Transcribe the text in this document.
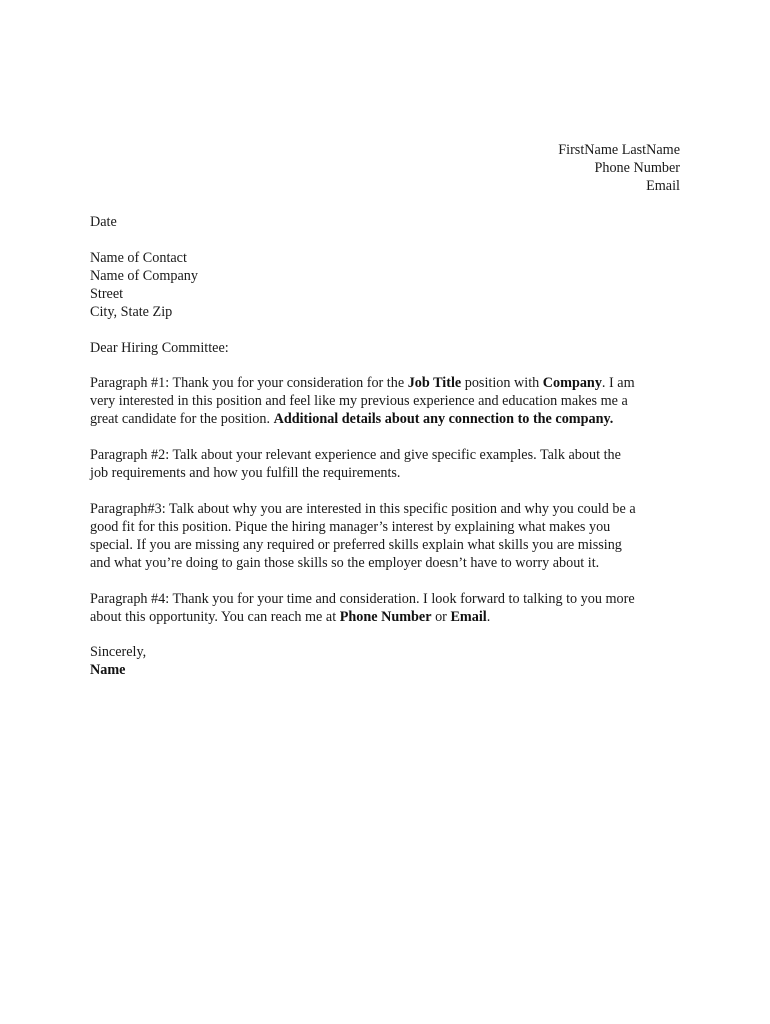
FirstName LastName
Phone Number
Email
Date
Name of Contact
Name of Company
Street
City, State Zip
Dear Hiring Committee:
Paragraph #1: Thank you for your consideration for the Job Title position with Company. I am
very interested in this position and feel like my previous experience and education makes me a
great candidate for the position. Additional details about any connection to the company.
Paragraph #2: Talk about your relevant experience and give specific examples. Talk about the
job requirements and how you fulfill the requirements.
Paragraph#3: Talk about why you are interested in this specific position and why you could be a
good fit for this position. Pique the hiring manager’s interest by explaining what makes you
special. If you are missing any required or preferred skills explain what skills you are missing
and what you’re doing to gain those skills so the employer doesn’t have to worry about it.
Paragraph #4: Thank you for your time and consideration. I look forward to talking to you more
about this opportunity. You can reach me at Phone Number or Email.
Sincerely,
Name
